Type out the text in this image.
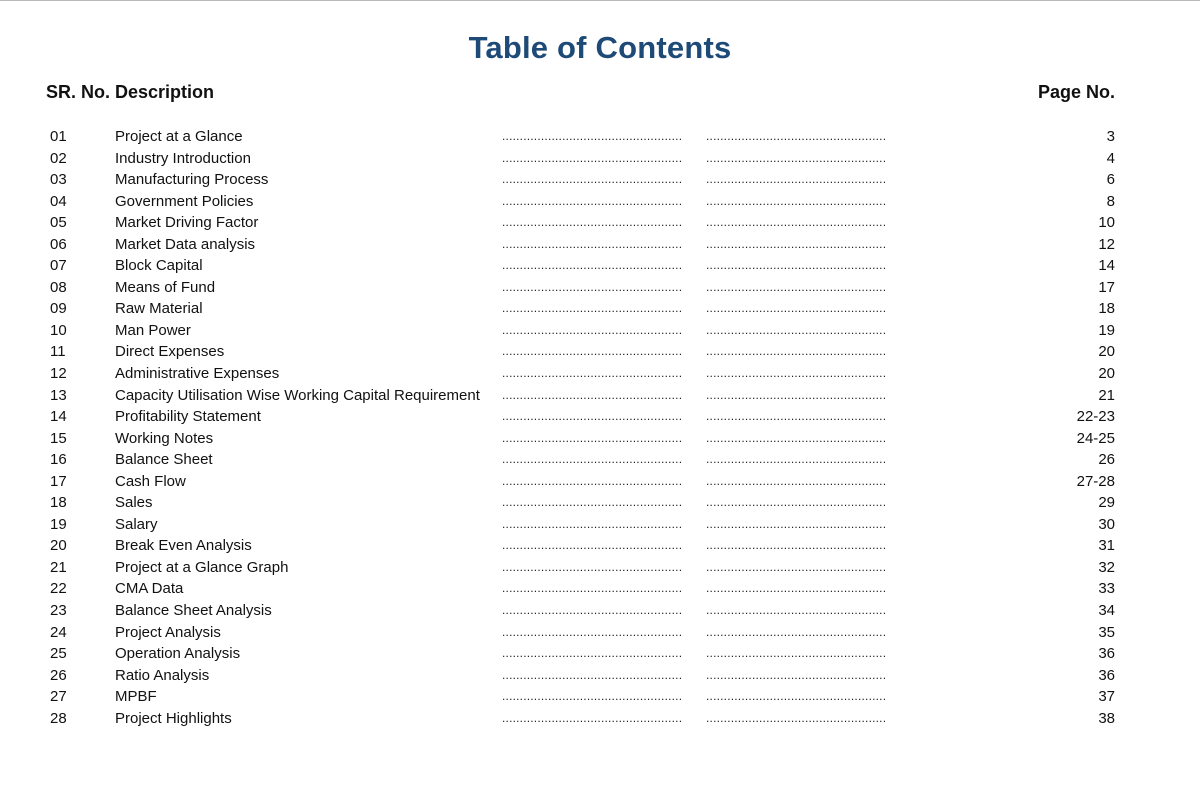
Table of Contents
SR. No. Description	Page No.
01	Project at a Glance	................................................... ...................................................	3
02	Industry Introduction	................................................... ...................................................	4
03	Manufacturing Process	................................................... ...................................................	6
04	Government Policies	................................................... ...................................................	8
05	Market Driving Factor	................................................... ...................................................	10
06	Market Data analysis	................................................... ...................................................	12
07	Block Capital	................................................... ...................................................	14
08	Means of Fund	................................................... ...................................................	17
09	Raw Material	................................................... ...................................................	18
10	Man Power	................................................... ...................................................	19
11	Direct Expenses	................................................... ...................................................	20
12	Administrative Expenses	................................................... ...................................................	20
13	Capacity Utilisation Wise Working Capital Requirement ................................................... ...................................................	21
14	Profitability Statement	................................................... ...................................................	22-23
15	Working Notes	................................................... ...................................................	24-25
16	Balance Sheet	................................................... ...................................................	26
17	Cash Flow	................................................... ...................................................	27-28
18	Sales	................................................... ...................................................	29
19	Salary	................................................... ...................................................	30
20	Break Even Analysis	................................................... ...................................................	31
21	Project at a Glance Graph	................................................... ...................................................	32
22	CMA Data	................................................... ...................................................	33
23	Balance Sheet Analysis	................................................... ...................................................	34
24	Project Analysis	................................................... ...................................................	35
25	Operation Analysis	................................................... ...................................................	36
26	Ratio Analysis	................................................... ...................................................	36
27	MPBF	................................................... ...................................................	37
28	Project Highlights	................................................... ...................................................	38
